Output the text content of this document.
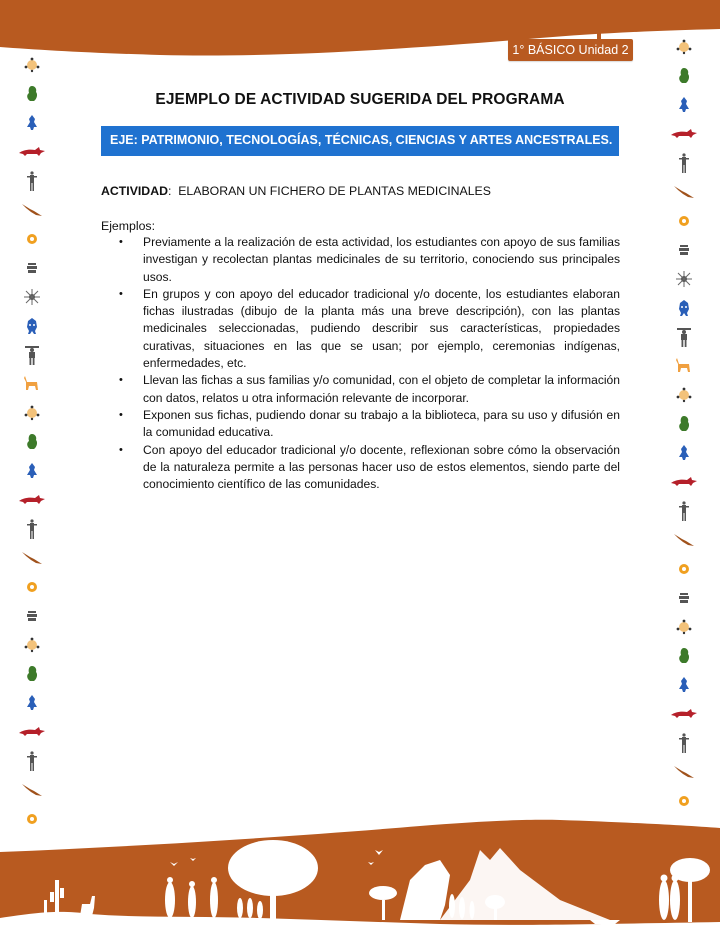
1° BÁSICO Unidad 2
EJEMPLO DE ACTIVIDAD SUGERIDA DEL PROGRAMA
EJE: PATRIMONIO, TECNOLOGÍAS, TÉCNICAS, CIENCIAS Y ARTES ANCESTRALES.
ACTIVIDAD: ELABORAN UN FICHERO DE PLANTAS MEDICINALES
Ejemplos:
• Previamente a la realización de esta actividad, los estudiantes con apoyo de sus familias investigan y recolectan plantas medicinales de su territorio, conociendo sus principales usos.
• En grupos y con apoyo del educador tradicional y/o docente, los estudiantes elaboran fichas ilustradas (dibujo de la planta más una breve descripción), con las plantas medicinales seleccionadas, pudiendo describir sus características, propiedades curativas, situaciones en las que se usan; por ejemplo, ceremonias indígenas, enfermedades, etc.
• Llevan las fichas a sus familias y/o comunidad, con el objeto de completar la información con datos, relatos u otra información relevante de incorporar.
• Exponen sus fichas, pudiendo donar su trabajo a la biblioteca, para su uso y difusión en la comunidad educativa.
• Con apoyo del educador tradicional y/o docente, reflexionan sobre cómo la observación de la naturaleza permite a las personas hacer uso de estos elementos, siendo parte del conocimiento científico de las comunidades.
